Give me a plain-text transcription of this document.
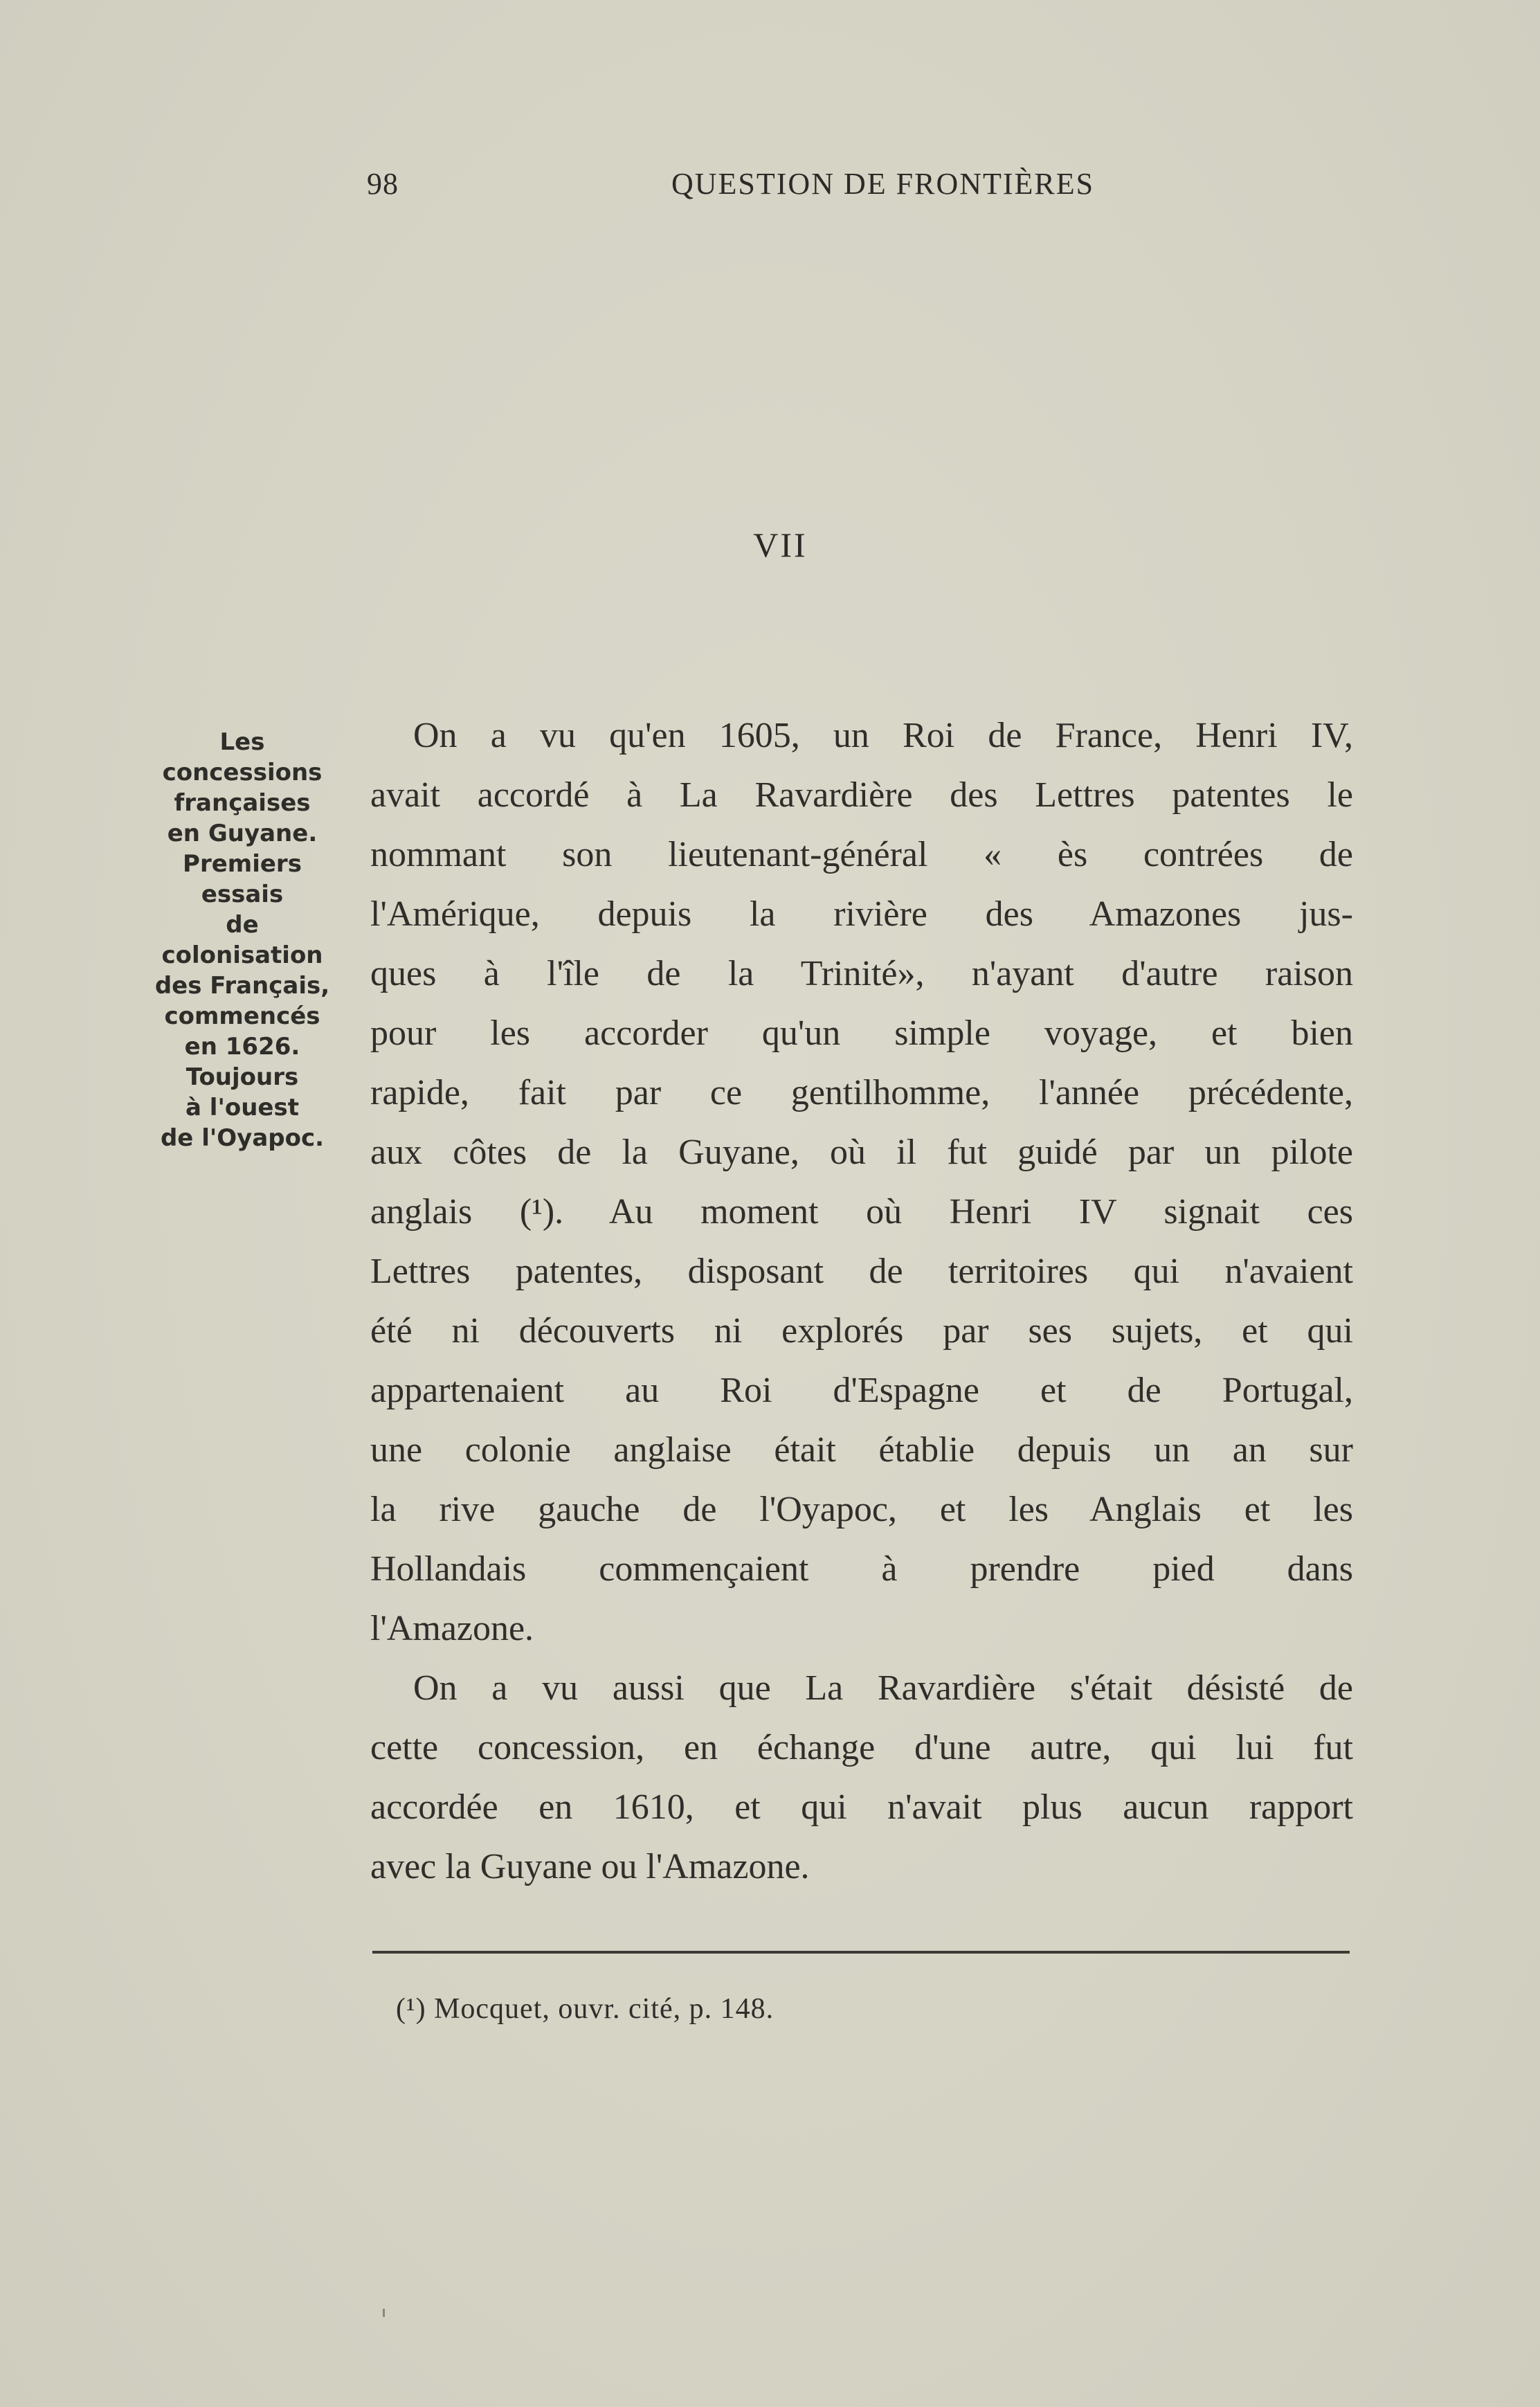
98	QUESTION DE FRONTIÈRES
VII
Les
concessions
françaises
en Guyane.
Premiers
essais
de
colonisation
des Français,
commencés
en 1626.
Toujours
à l'ouest
de l'Oyapoc.
On a vu qu'en 1605, un Roi de France, Henri IV,
avait accordé à La Ravardière des Lettres patentes le
nommant son lieutenant-général « ès contrées de
l'Amérique, depuis la rivière des Amazones jus-
ques à l'île de la Trinité», n'ayant d'autre raison
pour les accorder qu'un simple voyage, et bien
rapide, fait par ce gentilhomme, l'année précédente,
aux côtes de la Guyane, où il fut guidé par un pilote
anglais (¹). Au moment où Henri IV signait ces
Lettres patentes, disposant de territoires qui n'avaient
été ni découverts ni explorés par ses sujets, et qui
appartenaient au Roi d'Espagne et de Portugal,
une colonie anglaise était établie depuis un an sur
la rive gauche de l'Oyapoc, et les Anglais et les
Hollandais commençaient à prendre pied dans
l'Amazone.
On a vu aussi que La Ravardière s'était désisté de
cette concession, en échange d'une autre, qui lui fut
accordée en 1610, et qui n'avait plus aucun rapport
avec la Guyane ou l'Amazone.
(¹) Mocquet, ouvr. cité, p. 148.
